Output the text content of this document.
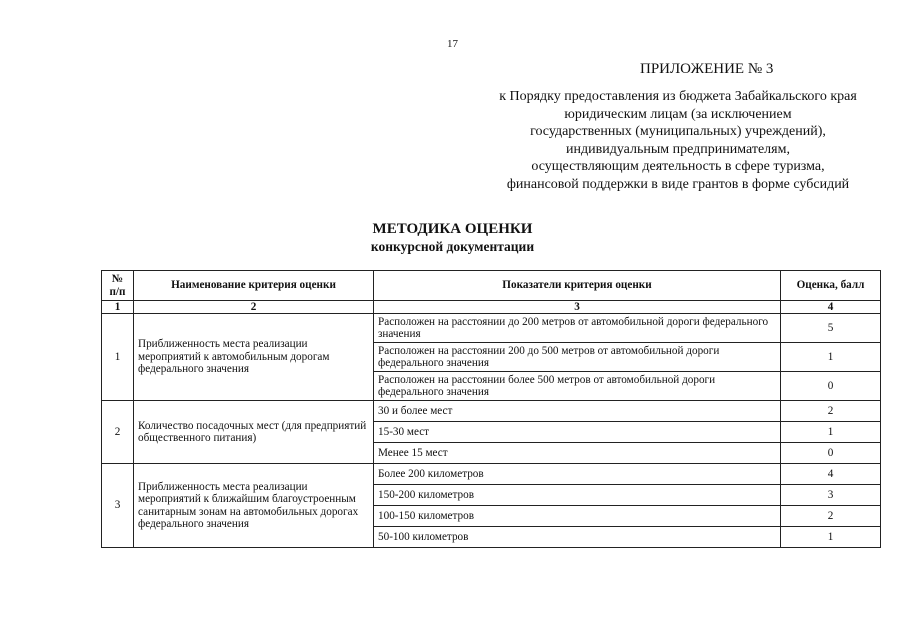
17
ПРИЛОЖЕНИЕ № 3
к Порядку предоставления из бюджета Забайкальского края
юридическим лицам (за исключением
государственных (муниципальных) учреждений),
индивидуальным предпринимателям,
осуществляющим деятельность в сфере туризма,
финансовой поддержки в виде грантов в форме субсидий
МЕТОДИКА ОЦЕНКИ
конкурсной документации
№ п/п	Наименование критерия оценки	Показатели критерия оценки	Оценка, балл
1	2	3	4
1	Приближенность места реализации мероприятий к автомобильным дорогам федерального значения	Расположен на расстоянии до 200 метров от автомобильной дороги федерального значения	5
		Расположен на расстоянии 200 до 500 метров от автомобильной дороги федерального значения	1
		Расположен на расстоянии более 500 метров от автомобильной дороги федерального значения	0
2	Количество посадочных мест (для предприятий общественного питания)	30 и более мест	2
		15-30 мест	1
		Менее 15 мест	0
3	Приближенность места реализации мероприятий к ближайшим благоустроенным санитарным зонам на автомобильных дорогах федерального значения	Более 200 километров	4
		150-200 километров	3
		100-150 километров	2
		50-100 километров	1
